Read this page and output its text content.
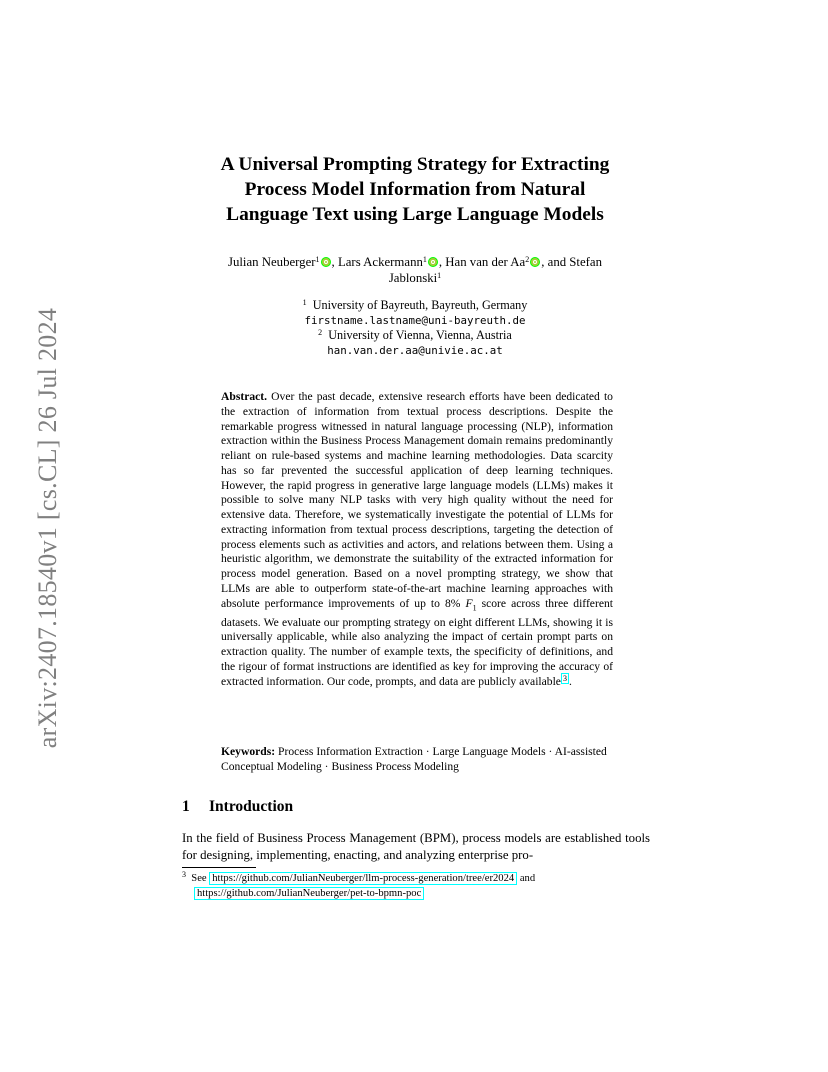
arXiv:2407.18540v1 [cs.CL] 26 Jul 2024
A Universal Prompting Strategy for Extracting
Process Model Information from Natural
Language Text using Large Language Models
Julian Neuberger$^1$ , Lars Ackermann$^1$ , Han van der Aa$^2$ , and Stefan
Jablonski$^1$
$^1$ University of Bayreuth, Bayreuth, Germany
firstname.lastname@uni-bayreuth.de
$^2$ University of Vienna, Vienna, Austria
han.van.der.aa@univie.ac.at
Abstract. Over the past decade, extensive research efforts have been dedicated to the extraction of information from textual process descriptions. Despite the remarkable progress witnessed in natural language processing (NLP), information extraction within the Business Process Management domain remains predominantly reliant on rule-based systems and machine learning methodologies. Data scarcity has so far prevented the successful application of deep learning techniques. However, the rapid progress in generative large language models (LLMs) makes it possible to solve many NLP tasks with very high quality without the need for extensive data. Therefore, we systematically investigate the potential of LLMs for extracting information from textual process descriptions, targeting the detection of process elements such as activities and actors, and relations between them. Using a heuristic algorithm, we demonstrate the suitability of the extracted information for process model generation. Based on a novel prompting strategy, we show that LLMs are able to outperform state-of-the-art machine learning approaches with absolute performance improvements of up to 8% $F_1$ score across three different datasets. We evaluate our prompting strategy on eight different LLMs, showing it is universally applicable, while also analyzing the impact of certain prompt parts on extraction quality. The number of example texts, the specificity of definitions, and the rigour of format instructions are identified as key for improving the accuracy of extracted information. Our code, prompts, and data are publicly available $^3$ .
Keywords: Process Information Extraction · Large Language Models · AI-assisted Conceptual Modeling · Business Process Modeling
1 Introduction
In the field of Business Process Management (BPM), process models are established tools for designing, implementing, enacting, and analyzing enterprise pro-
$^3$ See https://github.com/JulianNeuberger/llm-process-generation/tree/er2024 and
https://github.com/JulianNeuberger/pet-to-bpmn-poc
